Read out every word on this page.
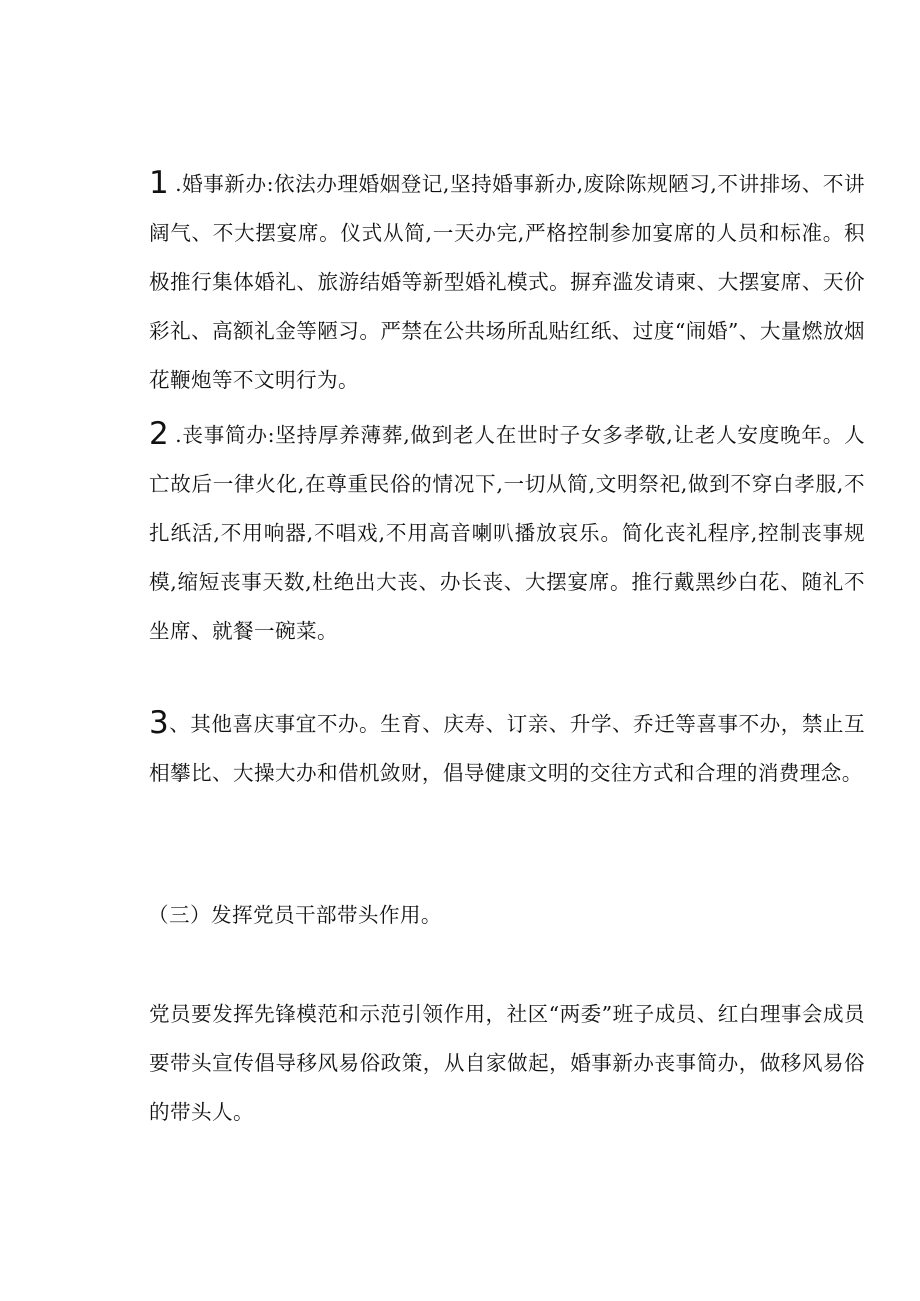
1 .婚事新办:依法办理婚姻登记,坚持婚事新办,废除陈规陋习,不讲排场、不讲阔气、不大摆宴席。仪式从简,一天办完,严格控制参加宴席的人员和标准。积极推行集体婚礼、旅游结婚等新型婚礼模式。摒弃滥发请柬、大摆宴席、天价彩礼、高额礼金等陋习。严禁在公共场所乱贴红纸、过度“闹婚”、大量燃放烟花鞭炮等不文明行为。

2 .丧事简办:坚持厚养薄葬,做到老人在世时子女多孝敬,让老人安度晚年。人亡故后一律火化,在尊重民俗的情况下,一切从简,文明祭祀,做到不穿白孝服,不扎纸活,不用响器,不唱戏,不用高音喇叭播放哀乐。简化丧礼程序,控制丧事规模,缩短丧事天数,杜绝出大丧、办长丧、大摆宴席。推行戴黑纱白花、随礼不坐席、就餐一碗菜。

3、其他喜庆事宜不办。生育、庆寿、订亲、升学、乔迁等喜事不办，禁止互相攀比、大操大办和借机敛财，倡导健康文明的交往方式和合理的消费理念。

（三）发挥党员干部带头作用。

党员要发挥先锋模范和示范引领作用，社区“两委”班子成员、红白理事会成员要带头宣传倡导移风易俗政策，从自家做起，婚事新办丧事简办，做移风易俗的带头人。
